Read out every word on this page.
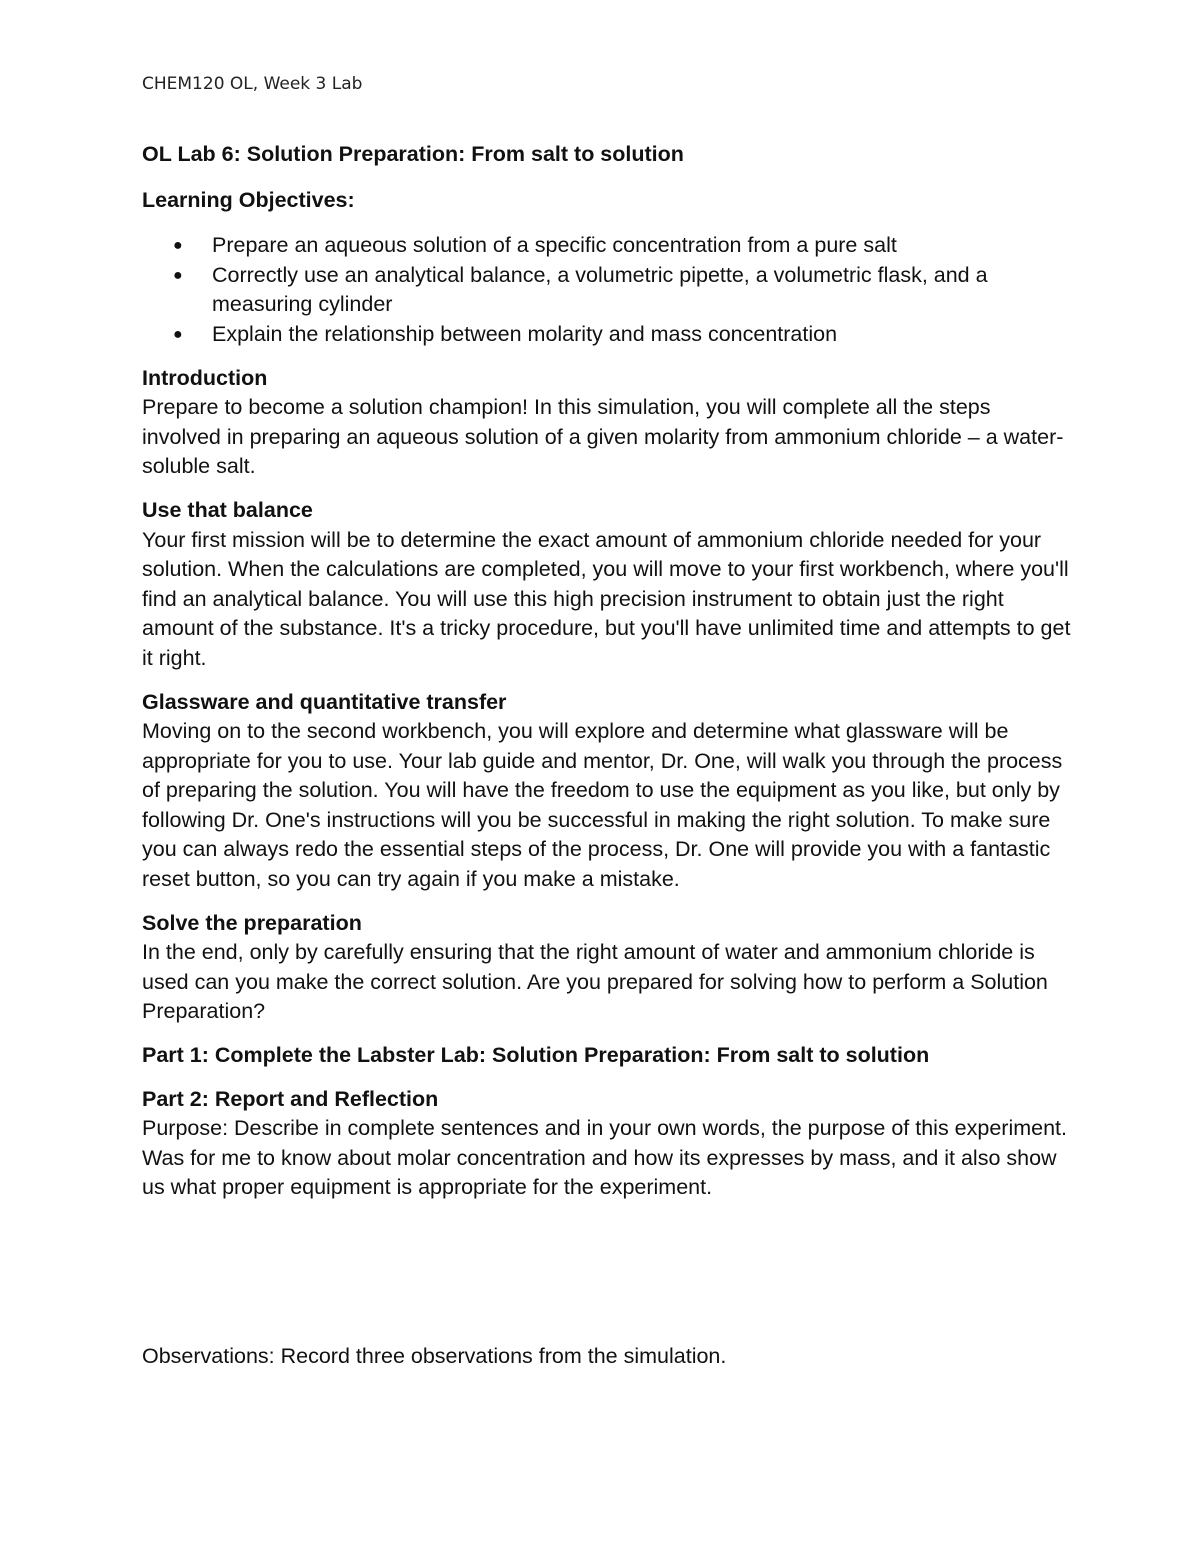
CHEM120 OL, Week 3 Lab
OL Lab 6: Solution Preparation: From salt to solution
Learning Objectives:
● Prepare an aqueous solution of a specific concentration from a pure salt
● Correctly use an analytical balance, a volumetric pipette, a volumetric flask, and a measuring cylinder
● Explain the relationship between molarity and mass concentration

Introduction

Prepare to become a solution champion! In this simulation, you will complete all the steps involved in preparing an aqueous solution of a given molarity from ammonium chloride – a water-soluble salt.

Use that balance

Your first mission will be to determine the exact amount of ammonium chloride needed for your solution. When the calculations are completed, you will move to your first workbench, where you'll find an analytical balance. You will use this high precision instrument to obtain just the right amount of the substance. It's a tricky procedure, but you'll have unlimited time and attempts to get it right.

Glassware and quantitative transfer

Moving on to the second workbench, you will explore and determine what glassware will be appropriate for you to use. Your lab guide and mentor, Dr. One, will walk you through the process of preparing the solution. You will have the freedom to use the equipment as you like, but only by following Dr. One's instructions will you be successful in making the right solution. To make sure you can always redo the essential steps of the process, Dr. One will provide you with a fantastic reset button, so you can try again if you make a mistake.

Solve the preparation

In the end, only by carefully ensuring that the right amount of water and ammonium chloride is used can you make the correct solution. Are you prepared for solving how to perform a Solution Preparation?

Part 1: Complete the Labster Lab: Solution Preparation: From salt to solution

Part 2: Report and Reflection

Purpose: Describe in complete sentences and in your own words, the purpose of this experiment. Was for me to know about molar concentration and how its expresses by mass, and it also show us what proper equipment is appropriate for the experiment.

Observations: Record three observations from the simulation.
